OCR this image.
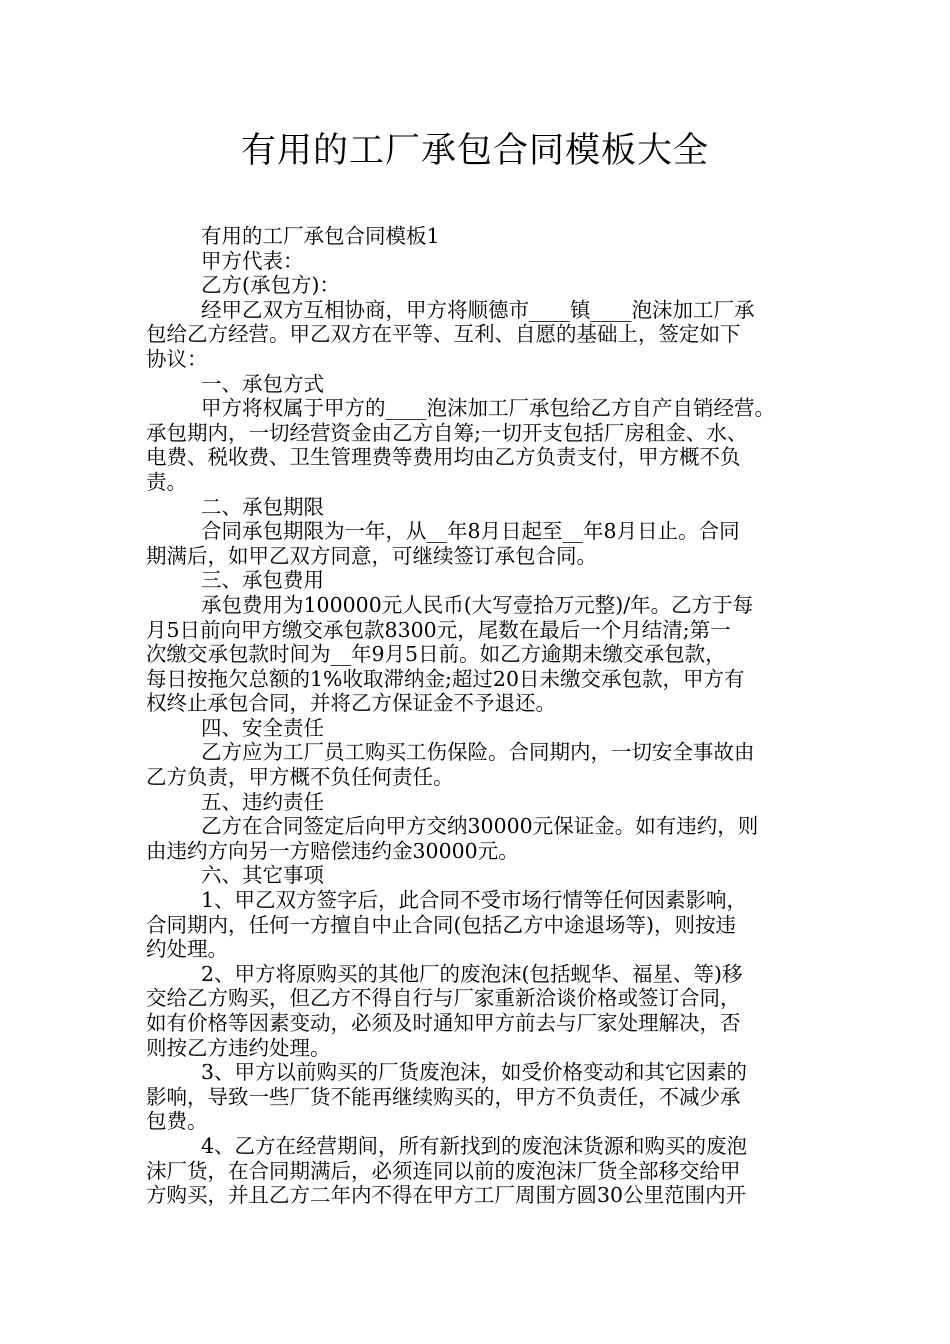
有用的工厂承包合同模板大全
有用的工厂承包合同模板1
甲方代表：
乙方(承包方)：
经甲乙双方互相协商，甲方将顺德市____镇____泡沫加工厂承
包给乙方经营。甲乙双方在平等、互利、自愿的基础上，签定如下
协议：
一、承包方式
甲方将权属于甲方的____泡沫加工厂承包给乙方自产自销经营。
承包期内，一切经营资金由乙方自筹;一切开支包括厂房租金、水、
电费、税收费、卫生管理费等费用均由乙方负责支付，甲方概不负
责。
二、承包期限
合同承包期限为一年，从__年8月日起至__年8月日止。合同
期满后，如甲乙双方同意，可继续签订承包合同。
三、承包费用
承包费用为100000元人民币(大写壹拾万元整)/年。乙方于每
月5日前向甲方缴交承包款8300元，尾数在最后一个月结清;第一
次缴交承包款时间为__年9月5日前。如乙方逾期未缴交承包款，
每日按拖欠总额的1%收取滞纳金;超过20日未缴交承包款，甲方有
权终止承包合同，并将乙方保证金不予退还。
四、安全责任
乙方应为工厂员工购买工伤保险。合同期内，一切安全事故由
乙方负责，甲方概不负任何责任。
五、违约责任
乙方在合同签定后向甲方交纳30000元保证金。如有违约，则
由违约方向另一方赔偿违约金30000元。
六、其它事项
1、甲乙双方签字后，此合同不受市场行情等任何因素影响，
合同期内，任何一方擅自中止合同(包括乙方中途退场等)，则按违
约处理。
2、甲方将原购买的其他厂的废泡沫(包括蚬华、福星、等)移
交给乙方购买，但乙方不得自行与厂家重新洽谈价格或签订合同，
如有价格等因素变动，必须及时通知甲方前去与厂家处理解决，否
则按乙方违约处理。
3、甲方以前购买的厂货废泡沫，如受价格变动和其它因素的
影响，导致一些厂货不能再继续购买的，甲方不负责任，不减少承
包费。
4、乙方在经营期间，所有新找到的废泡沫货源和购买的废泡
沫厂货，在合同期满后，必须连同以前的废泡沫厂货全部移交给甲
方购买，并且乙方二年内不得在甲方工厂周围方圆30公里范围内开
